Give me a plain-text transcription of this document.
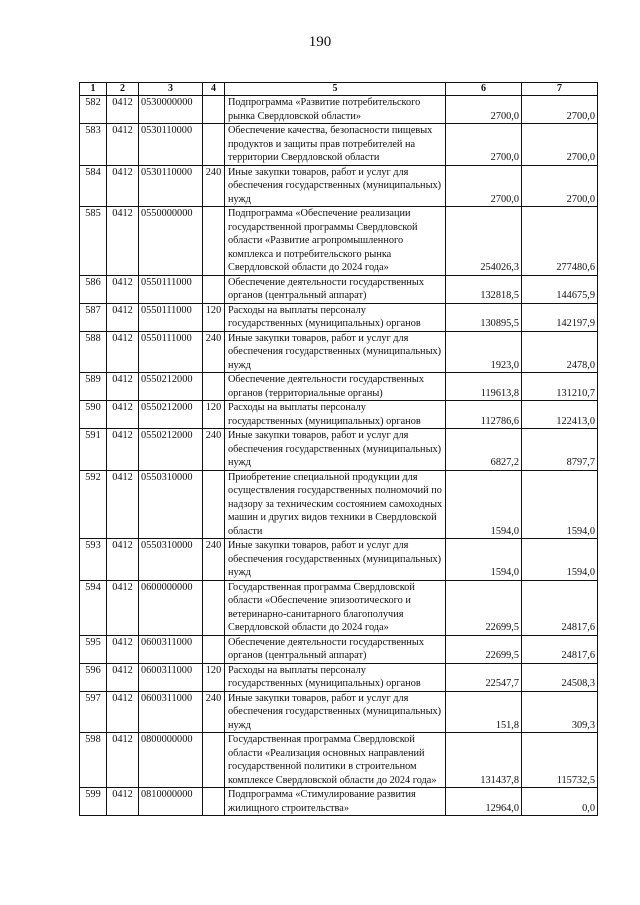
190
1	2	3	4	5	6	7
582	0412	0530000000		Подпрограмма «Развитие потребительского рынка Свердловской области»	2700,0	2700,0
583	0412	0530110000		Обеспечение качества, безопасности пищевых продуктов и защиты прав потребителей на территории Свердловской области	2700,0	2700,0
584	0412	0530110000	240	Иные закупки товаров, работ и услуг для обеспечения государственных (муниципальных) нужд	2700,0	2700,0
585	0412	0550000000		Подпрограмма «Обеспечение реализации государственной программы Свердловской области «Развитие агропромышленного комплекса и потребительского рынка Свердловской области до 2024 года»	254026,3	277480,6
586	0412	0550111000		Обеспечение деятельности государственных органов (центральный аппарат)	132818,5	144675,9
587	0412	0550111000	120	Расходы на выплаты персоналу государственных (муниципальных) органов	130895,5	142197,9
588	0412	0550111000	240	Иные закупки товаров, работ и услуг для обеспечения государственных (муниципальных) нужд	1923,0	2478,0
589	0412	0550212000		Обеспечение деятельности государственных органов (территориальные органы)	119613,8	131210,7
590	0412	0550212000	120	Расходы на выплаты персоналу государственных (муниципальных) органов	112786,6	122413,0
591	0412	0550212000	240	Иные закупки товаров, работ и услуг для обеспечения государственных (муниципальных) нужд	6827,2	8797,7
592	0412	0550310000		Приобретение специальной продукции для осуществления государственных полномочий по надзору за техническим состоянием самоходных машин и других видов техники в Свердловской области	1594,0	1594,0
593	0412	0550310000	240	Иные закупки товаров, работ и услуг для обеспечения государственных (муниципальных) нужд	1594,0	1594,0
594	0412	0600000000		Государственная программа Свердловской области «Обеспечение эпизоотического и ветеринарно-санитарного благополучия Свердловской области до 2024 года»	22699,5	24817,6
595	0412	0600311000		Обеспечение деятельности государственных органов (центральный аппарат)	22699,5	24817,6
596	0412	0600311000	120	Расходы на выплаты персоналу государственных (муниципальных) органов	22547,7	24508,3
597	0412	0600311000	240	Иные закупки товаров, работ и услуг для обеспечения государственных (муниципальных) нужд	151,8	309,3
598	0412	0800000000		Государственная программа Свердловской области «Реализация основных направлений государственной политики в строительном комплексе Свердловской области до 2024 года»	131437,8	115732,5
599	0412	0810000000		Подпрограмма «Стимулирование развития жилищного строительства»	12964,0	0,0
